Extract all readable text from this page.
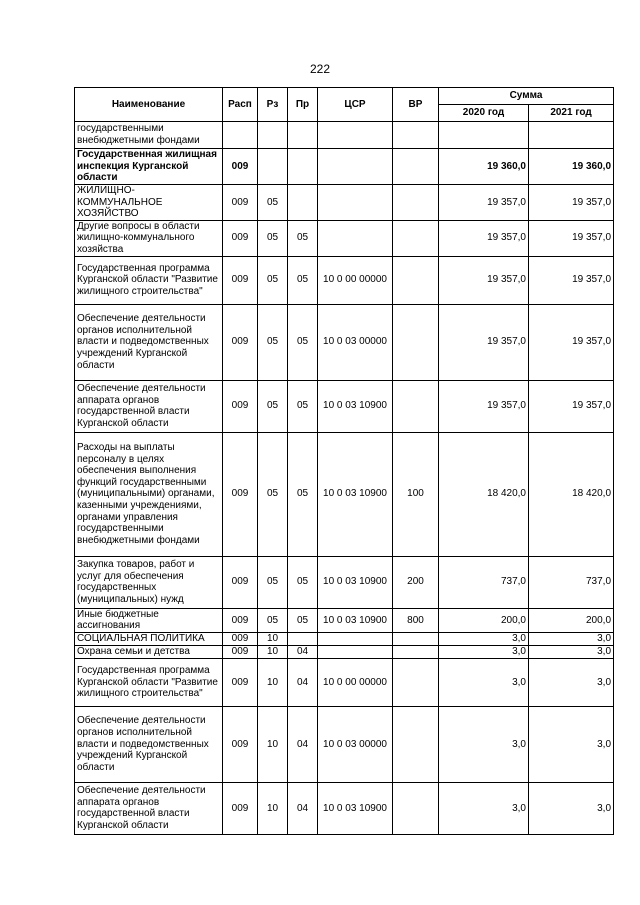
222
Наименование	Расп	Рз	Пр	ЦСР	ВР	Сумма	
						2020 год	2021 год
государственными внебюджетными фондами							
Государственная жилищная инспекция Курганской области	009					19 360,0	19 360,0
ЖИЛИЩНО-КОММУНАЛЬНОЕ ХОЗЯЙСТВО	009	05				19 357,0	19 357,0
Другие вопросы в области жилищно-коммунального хозяйства	009	05	05			19 357,0	19 357,0
Государственная программа Курганской области "Развитие жилищного строительства"	009	05	05	10 0 00 00000		19 357,0	19 357,0
Обеспечение деятельности органов исполнительной власти и подведомственных учреждений Курганской области	009	05	05	10 0 03 00000		19 357,0	19 357,0
Обеспечение деятельности аппарата органов государственной власти Курганской области	009	05	05	10 0 03 10900		19 357,0	19 357,0
Расходы на выплаты персоналу в целях обеспечения выполнения функций государственными (муниципальными) органами, казенными учреждениями, органами управления государственными внебюджетными фондами	009	05	05	10 0 03 10900	100	18 420,0	18 420,0
Закупка товаров, работ и услуг для обеспечения государственных (муниципальных) нужд	009	05	05	10 0 03 10900	200	737,0	737,0
Иные бюджетные ассигнования	009	05	05	10 0 03 10900	800	200,0	200,0
СОЦИАЛЬНАЯ ПОЛИТИКА	009	10				3,0	3,0
Охрана семьи и детства	009	10	04			3,0	3,0
Государственная программа Курганской области "Развитие жилищного строительства"	009	10	04	10 0 00 00000		3,0	3,0
Обеспечение деятельности органов исполнительной власти и подведомственных учреждений Курганской области	009	10	04	10 0 03 00000		3,0	3,0
Обеспечение деятельности аппарата органов государственной власти Курганской области	009	10	04	10 0 03 10900		3,0	3,0
